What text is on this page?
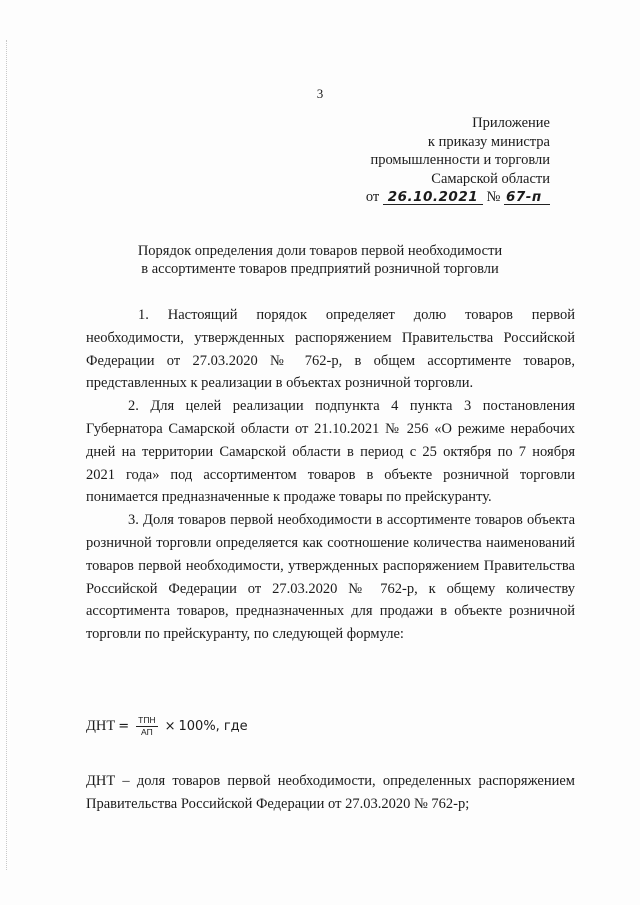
3
Приложение
к приказу министра
промышленности и торговли
Самарской области
от 26.10.2021 № 67-п
Порядок определения доли товаров первой необходимости
в ассортименте товаров предприятий розничной торговли

1. Настоящий порядок определяет долю товаров первой необходимости, утвержденных распоряжением Правительства Российской Федерации от 27.03.2020 № 762-р, в общем ассортименте товаров, представленных к реализации в объектах розничной торговли.

2. Для целей реализации подпункта 4 пункта 3 постановления Губернатора Самарской области от 21.10.2021 № 256 «О режиме нерабочих дней на территории Самарской области в период с 25 октября по 7 ноября 2021 года» под ассортиментом товаров в объекте розничной торговли понимается предназначенные к продаже товары по прейскуранту.

3. Доля товаров первой необходимости в ассортименте товаров объекта розничной торговли определяется как соотношение количества наименований товаров первой необходимости, утвержденных распоряжением Правительства Российской Федерации от 27.03.2020 № 762-р, к общему количеству ассортимента товаров, предназначенных для продажи в объекте розничной торговли по прейскуранту, по следующей формуле:

ДНТ = $\frac{\text{ТПН}}{АП} \times 100\%$, где

ДНТ – доля товаров первой необходимости, определенных распоряжением Правительства Российской Федерации от 27.03.2020 № 762-р;
